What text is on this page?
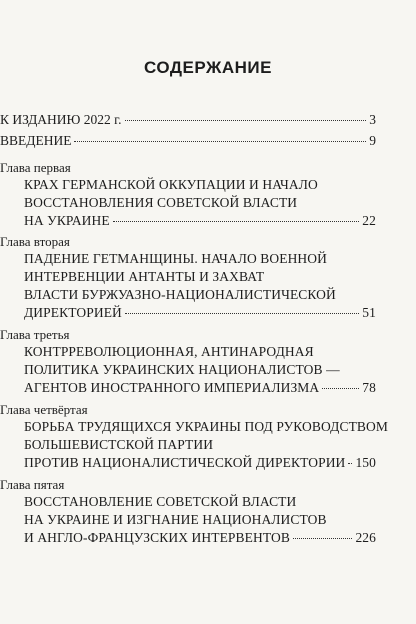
СОДЕРЖАНИЕ
К ИЗДАНИЮ 2022 г.	3
ВВЕДЕНИЕ	9
Глава первая
КРАХ ГЕРМАНСКОЙ ОККУПАЦИИ И НАЧАЛО
ВОССТАНОВЛЕНИЯ СОВЕТСКОЙ ВЛАСТИ
НА УКРАИНЕ	22
Глава вторая
ПАДЕНИЕ ГЕТМАНЩИНЫ. НАЧАЛО ВОЕННОЙ
ИНТЕРВЕНЦИИ АНТАНТЫ И ЗАХВАТ
ВЛАСТИ БУРЖУАЗНО-НАЦИОНАЛИСТИЧЕСКОЙ
ДИРЕКТОРИЕЙ	51
Глава третья
КОНТРРЕВОЛЮЦИОННАЯ, АНТИНАРОДНАЯ
ПОЛИТИКА УКРАИНСКИХ НАЦИОНАЛИСТОВ —
АГЕНТОВ ИНОСТРАННОГО ИМПЕРИАЛИЗМА	78
Глава четвёртая
БОРЬБА ТРУДЯЩИХСЯ УКРАИНЫ ПОД РУКОВОДСТВОМ
БОЛЬШЕВИСТСКОЙ ПАРТИИ
ПРОТИВ НАЦИОНАЛИСТИЧЕСКОЙ ДИРЕКТОРИИ 150
Глава пятая
ВОССТАНОВЛЕНИЕ СОВЕТСКОЙ ВЛАСТИ
НА УКРАИНЕ И ИЗГНАНИЕ НАЦИОНАЛИСТОВ
И АНГЛО-ФРАНЦУЗСКИХ ИНТЕРВЕНТОВ	226
